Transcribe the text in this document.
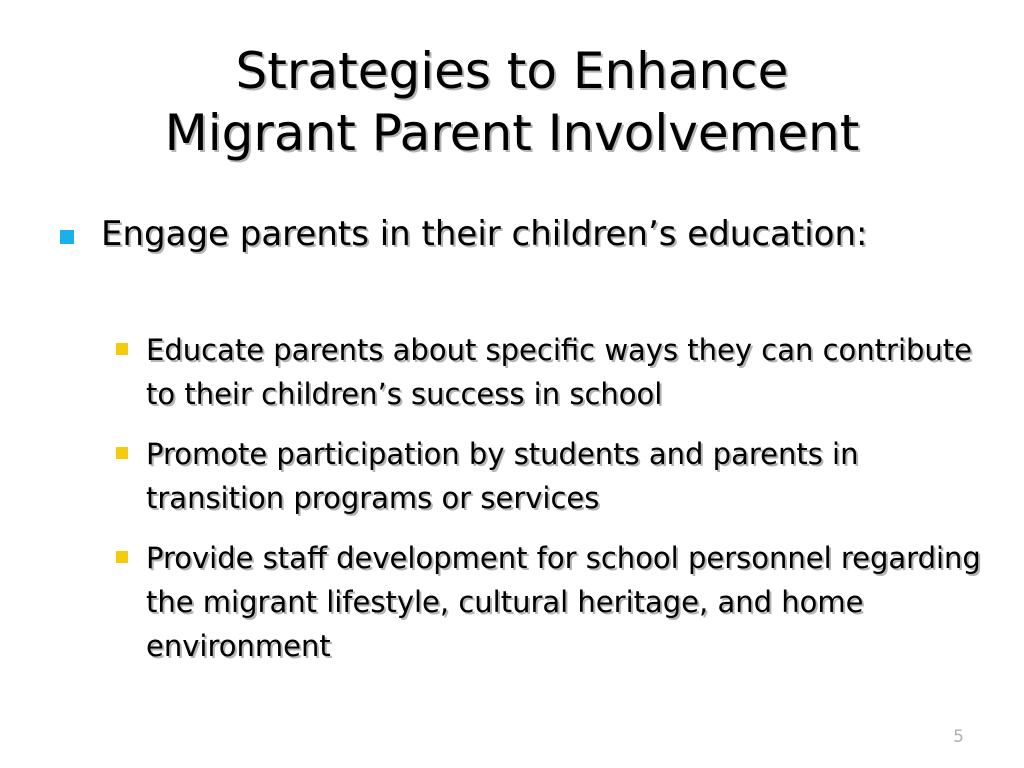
Strategies to Enhance
Migrant Parent Involvement
Engage parents in their children’s education:
Educate parents about specific ways they can contribute to their children’s success in school
Promote participation by students and parents in transition programs or services
Provide staff development for school personnel regarding the migrant lifestyle, cultural heritage, and home environment
5
